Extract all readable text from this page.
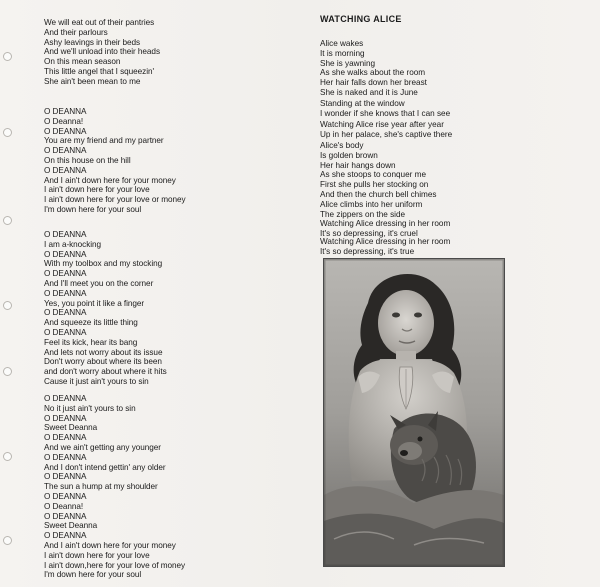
We will eat out of their pantries
And their parlours
Ashy leavings in their beds
And we'll unload into their heads
On this mean season
This little angel that I squeezin'
She ain't been mean to me
O DEANNA
O Deanna!
O DEANNA
You are my friend and my partner
O DEANNA
On this house on the hill
O DEANNA
And I ain't down here for your money
I ain't down here for your love
I ain't down here for your love or money
I'm down here for your soul
O DEANNA
I am a-knocking
O DEANNA
With my toolbox and my stocking
O DEANNA
And I'll meet you on the corner
O DEANNA
Yes, you point it like a finger
O DEANNA
And squeeze its little thing
O DEANNA
Feel its kick, hear its bang
And lets not worry about its issue
Don't worry about where its been
and don't worry about where it hits
Cause it just ain't yours to sin
O DEANNA
No it just ain't yours to sin
O DEANNA
Sweet Deanna
O DEANNA
And we ain't getting any younger
O DEANNA
And I don't intend gettin' any older
O DEANNA
The sun a hump at my shoulder
O DEANNA
O Deanna!
O DEANNA
Sweet Deanna
O DEANNA
And I ain't down here for your money
I ain't down here for your love
I ain't down,here for your love of money
I'm down here for your soul
WATCHING ALICE
Alice wakes
It is morning
She is yawning
As she walks about the room
Her hair falls down her breast
She is naked and it is June
Standing at the window
I wonder if she knows that I can see
Watching Alice rise year after year
Up in her palace, she's captive there
Alice's body
Is golden brown
Her hair hangs down
As she stoops to conquer me
First she pulls her stocking on
And then the church bell chimes
Alice climbs into her uniform
The zippers on the side
Watching Alice dressing in her room
It's so depressing, it's cruel
Watching Alice dressing in her room
It's so depressing, it's true
